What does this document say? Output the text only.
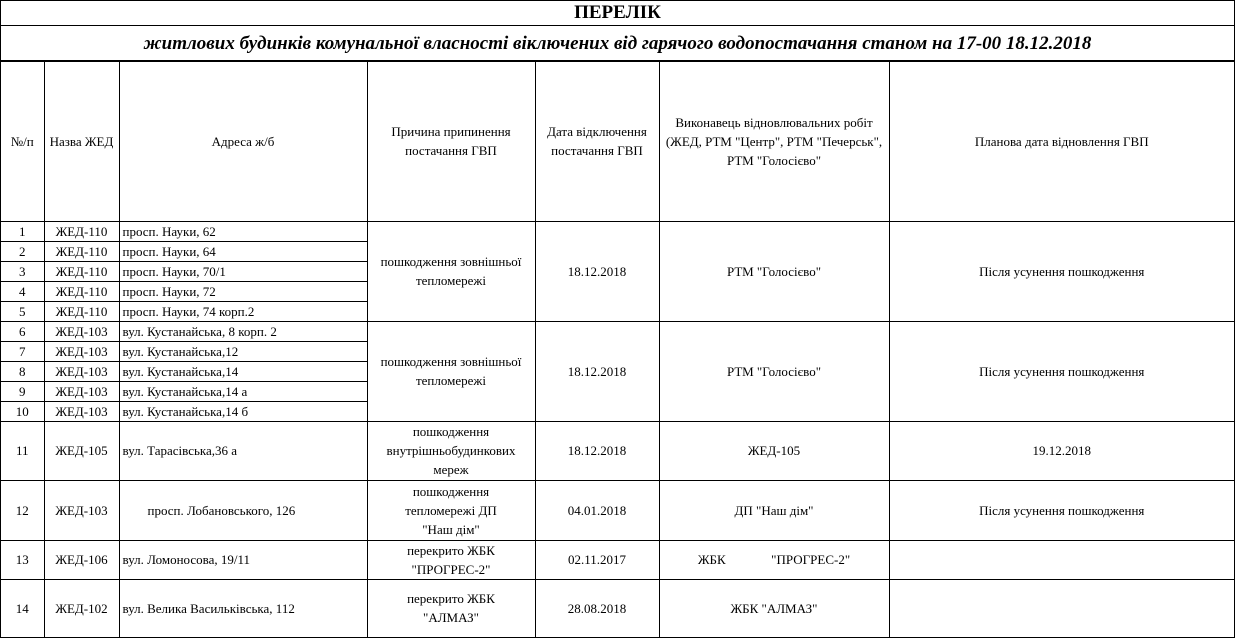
ПЕРЕЛІК
житлових будинків комунальної власності віключених від гарячого водопостачання станом на 17-00 18.12.2018
№/п	Назва ЖЕД	Адреса ж/б	Причина припинення постачання ГВП	Дата відключення постачання ГВП	Виконавець відновлювальних робіт (ЖЕД, РТМ "Центр", РТМ "Печерськ", РТМ "Голосієво"	Планова дата відновлення ГВП
1	ЖЕД-110	просп. Науки, 62	пошкодження зовнішньої тепломережі	18.12.2018	РТМ "Голосієво"	Після усунення пошкодження
2	ЖЕД-110	просп. Науки, 64				
3	ЖЕД-110	просп. Науки, 70/1				
4	ЖЕД-110	просп. Науки, 72				
5	ЖЕД-110	просп. Науки, 74 корп.2				
6	ЖЕД-103	вул. Кустанайська, 8 корп. 2	пошкодження зовнішньої тепломережі	18.12.2018	РТМ "Голосієво"	Після усунення пошкодження
7	ЖЕД-103	вул. Кустанайська,12				
8	ЖЕД-103	вул. Кустанайська,14				
9	ЖЕД-103	вул. Кустанайська,14 а				
10	ЖЕД-103	вул. Кустанайська,14 б				
11	ЖЕД-105	вул. Тарасівська,36 а	пошкодження внутрішньобудинкових мереж	18.12.2018	ЖЕД-105	19.12.2018
12	ЖЕД-103	просп. Лобановського, 126	пошкодження тепломережі ДП "Наш дім"	04.01.2018	ДП "Наш дім"	Після усунення пошкодження
13	ЖЕД-106	вул. Ломоносова, 19/11	перекрито ЖБК "ПРОГРЕС-2"	02.11.2017	ЖБК              "ПРОГРЕС-2"	
14	ЖЕД-102	вул. Велика Васильківська, 112	перекрито ЖБК "АЛМАЗ"	28.08.2018	ЖБК "АЛМАЗ"	
